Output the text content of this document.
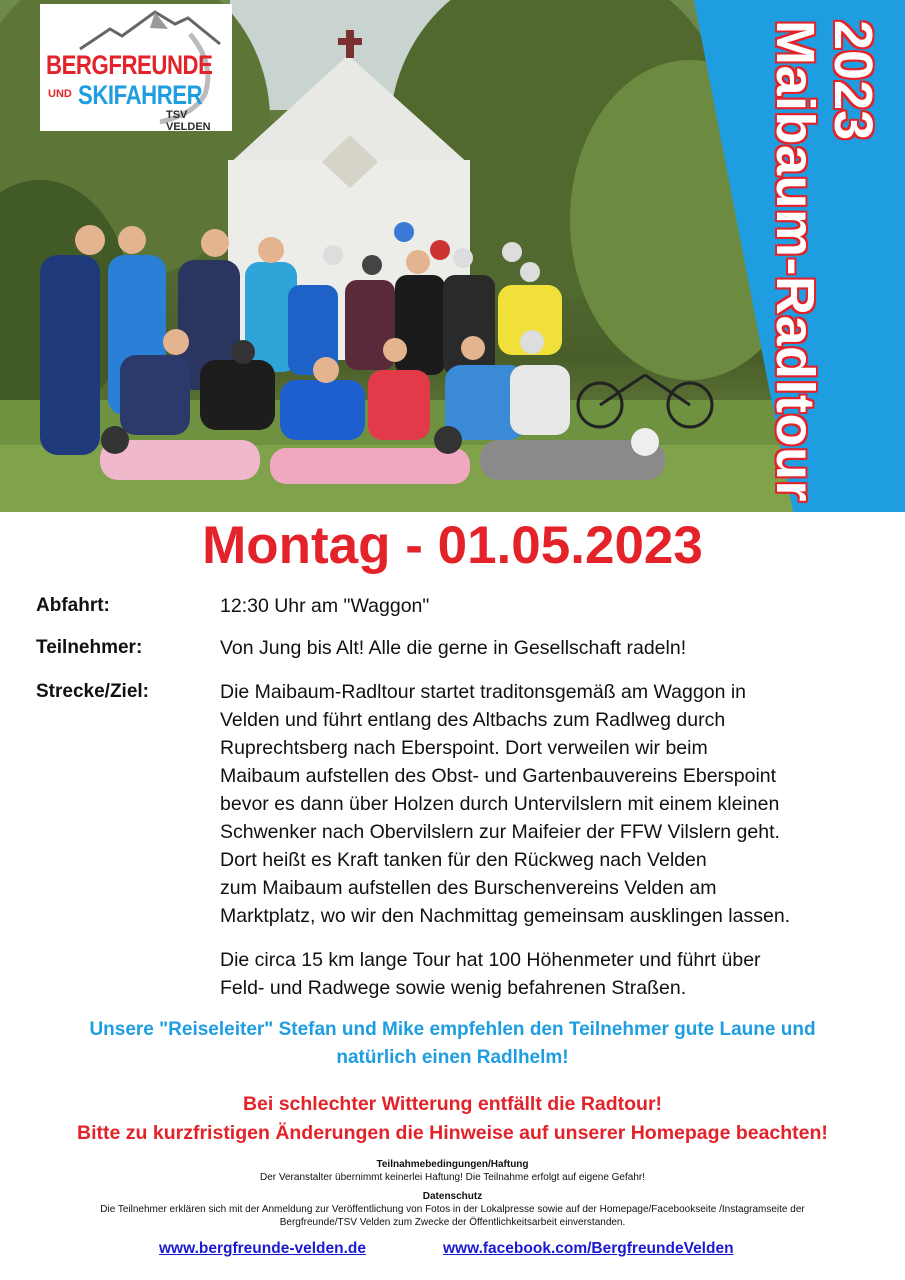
BERGFREUNDE
UND SKIFAHRER
TSV VELDEN	2023
Maibaum-Radltour
Montag - 01.05.2023
Abfahrt:	12:30 Uhr am "Waggon"

Teilnehmer:	Von Jung bis Alt! Alle die gerne in Gesellschaft radeln!

Strecke/Ziel:	Die Maibaum-Radltour startet traditonsgemäß am Waggon in

Velden und führt entlang des Altbachs zum Radlweg durch

Ruprechtsberg nach Eberspoint. Dort verweilen wir beim

Maibaum aufstellen des Obst- und Gartenbauvereins Eberspoint

bevor es dann über Holzen durch Untervilslern mit einem kleinen

Schwenker nach Obervilslern zur Maifeier der FFW Vilslern geht.

Dort heißt es Kraft tanken für den Rückweg nach Velden

zum Maibaum aufstellen des Burschenvereins Velden am

Marktplatz, wo wir den Nachmittag gemeinsam ausklingen lassen.

Die circa 15 km lange Tour hat 100 Höhenmeter und führt über

Feld- und Radwege sowie wenig befahrenen Straßen.

Unsere "Reiseleiter" Stefan und Mike empfehlen den Teilnehmer gute Laune und
natürlich einen Radlhelm!
Bei schlechter Witterung entfällt die Radtour!
Bitte zu kurzfristigen Änderungen die Hinweise auf unserer Homepage beachten!
Teilnahmebedingungen/Haftung
Der Veranstalter übernimmt keinerlei Haftung! Die Teilnahme erfolgt auf eigene Gefahr!
Datenschutz
Die Teilnehmer erklären sich mit der Anmeldung zur Veröffentlichung von Fotos in der Lokalpresse sowie auf der Homepage/Facebookseite /Instagramseite der
Bergfreunde/TSV Velden zum Zwecke der Öffentlichkeitsarbeit einverstanden.
www.bergfreunde-velden.de	www.facebook.com/BergfreundeVelden
